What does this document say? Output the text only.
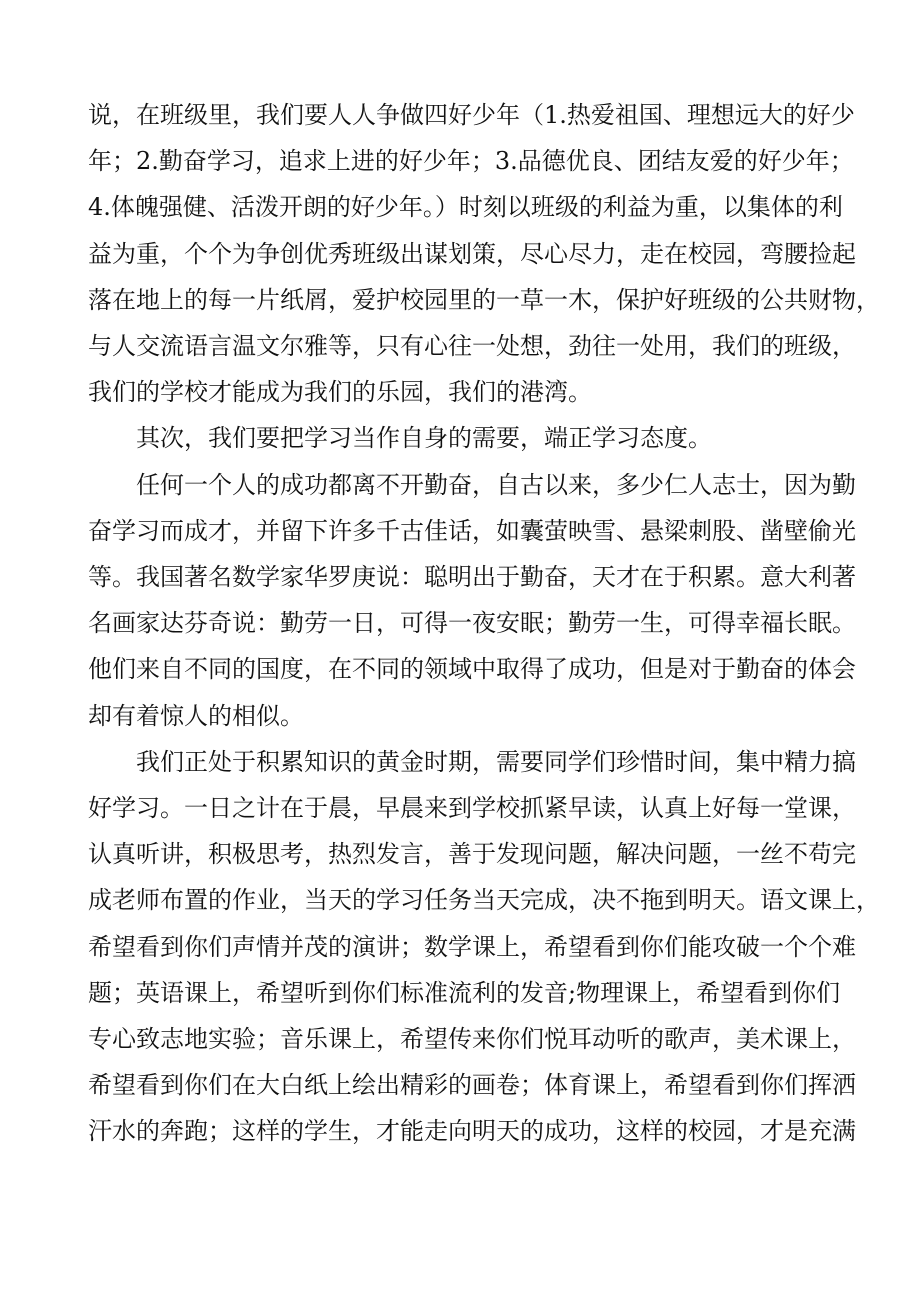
说，在班级里，我们要人人争做四好少年（1.热爱祖国、理想远大的好少
年；2.勤奋学习，追求上进的好少年；3.品德优良、团结友爱的好少年；
4.体魄强健、活泼开朗的好少年。）时刻以班级的利益为重，以集体的利
益为重，个个为争创优秀班级出谋划策，尽心尽力，走在校园，弯腰捡起
落在地上的每一片纸屑，爱护校园里的一草一木，保护好班级的公共财物，
与人交流语言温文尔雅等，只有心往一处想，劲往一处用，我们的班级，
我们的学校才能成为我们的乐园，我们的港湾。

其次，我们要把学习当作自身的需要，端正学习态度。

任何一个人的成功都离不开勤奋，自古以来，多少仁人志士，因为勤
奋学习而成才，并留下许多千古佳话，如囊萤映雪、悬梁刺股、凿壁偷光
等。我国著名数学家华罗庚说：聪明出于勤奋，天才在于积累。意大利著
名画家达芬奇说：勤劳一日，可得一夜安眠；勤劳一生，可得幸福长眠。
他们来自不同的国度，在不同的领域中取得了成功，但是对于勤奋的体会
却有着惊人的相似。

我们正处于积累知识的黄金时期，需要同学们珍惜时间，集中精力搞
好学习。一日之计在于晨，早晨来到学校抓紧早读，认真上好每一堂课，
认真听讲，积极思考，热烈发言，善于发现问题，解决问题，一丝不苟完
成老师布置的作业，当天的学习任务当天完成，决不拖到明天。语文课上，
希望看到你们声情并茂的演讲；数学课上，希望看到你们能攻破一个个难
题；英语课上，希望听到你们标准流利的发音;物理课上，希望看到你们
专心致志地实验；音乐课上，希望传来你们悦耳动听的歌声，美术课上，
希望看到你们在大白纸上绘出精彩的画卷；体育课上，希望看到你们挥洒
汗水的奔跑；这样的学生，才能走向明天的成功，这样的校园，才是充满
